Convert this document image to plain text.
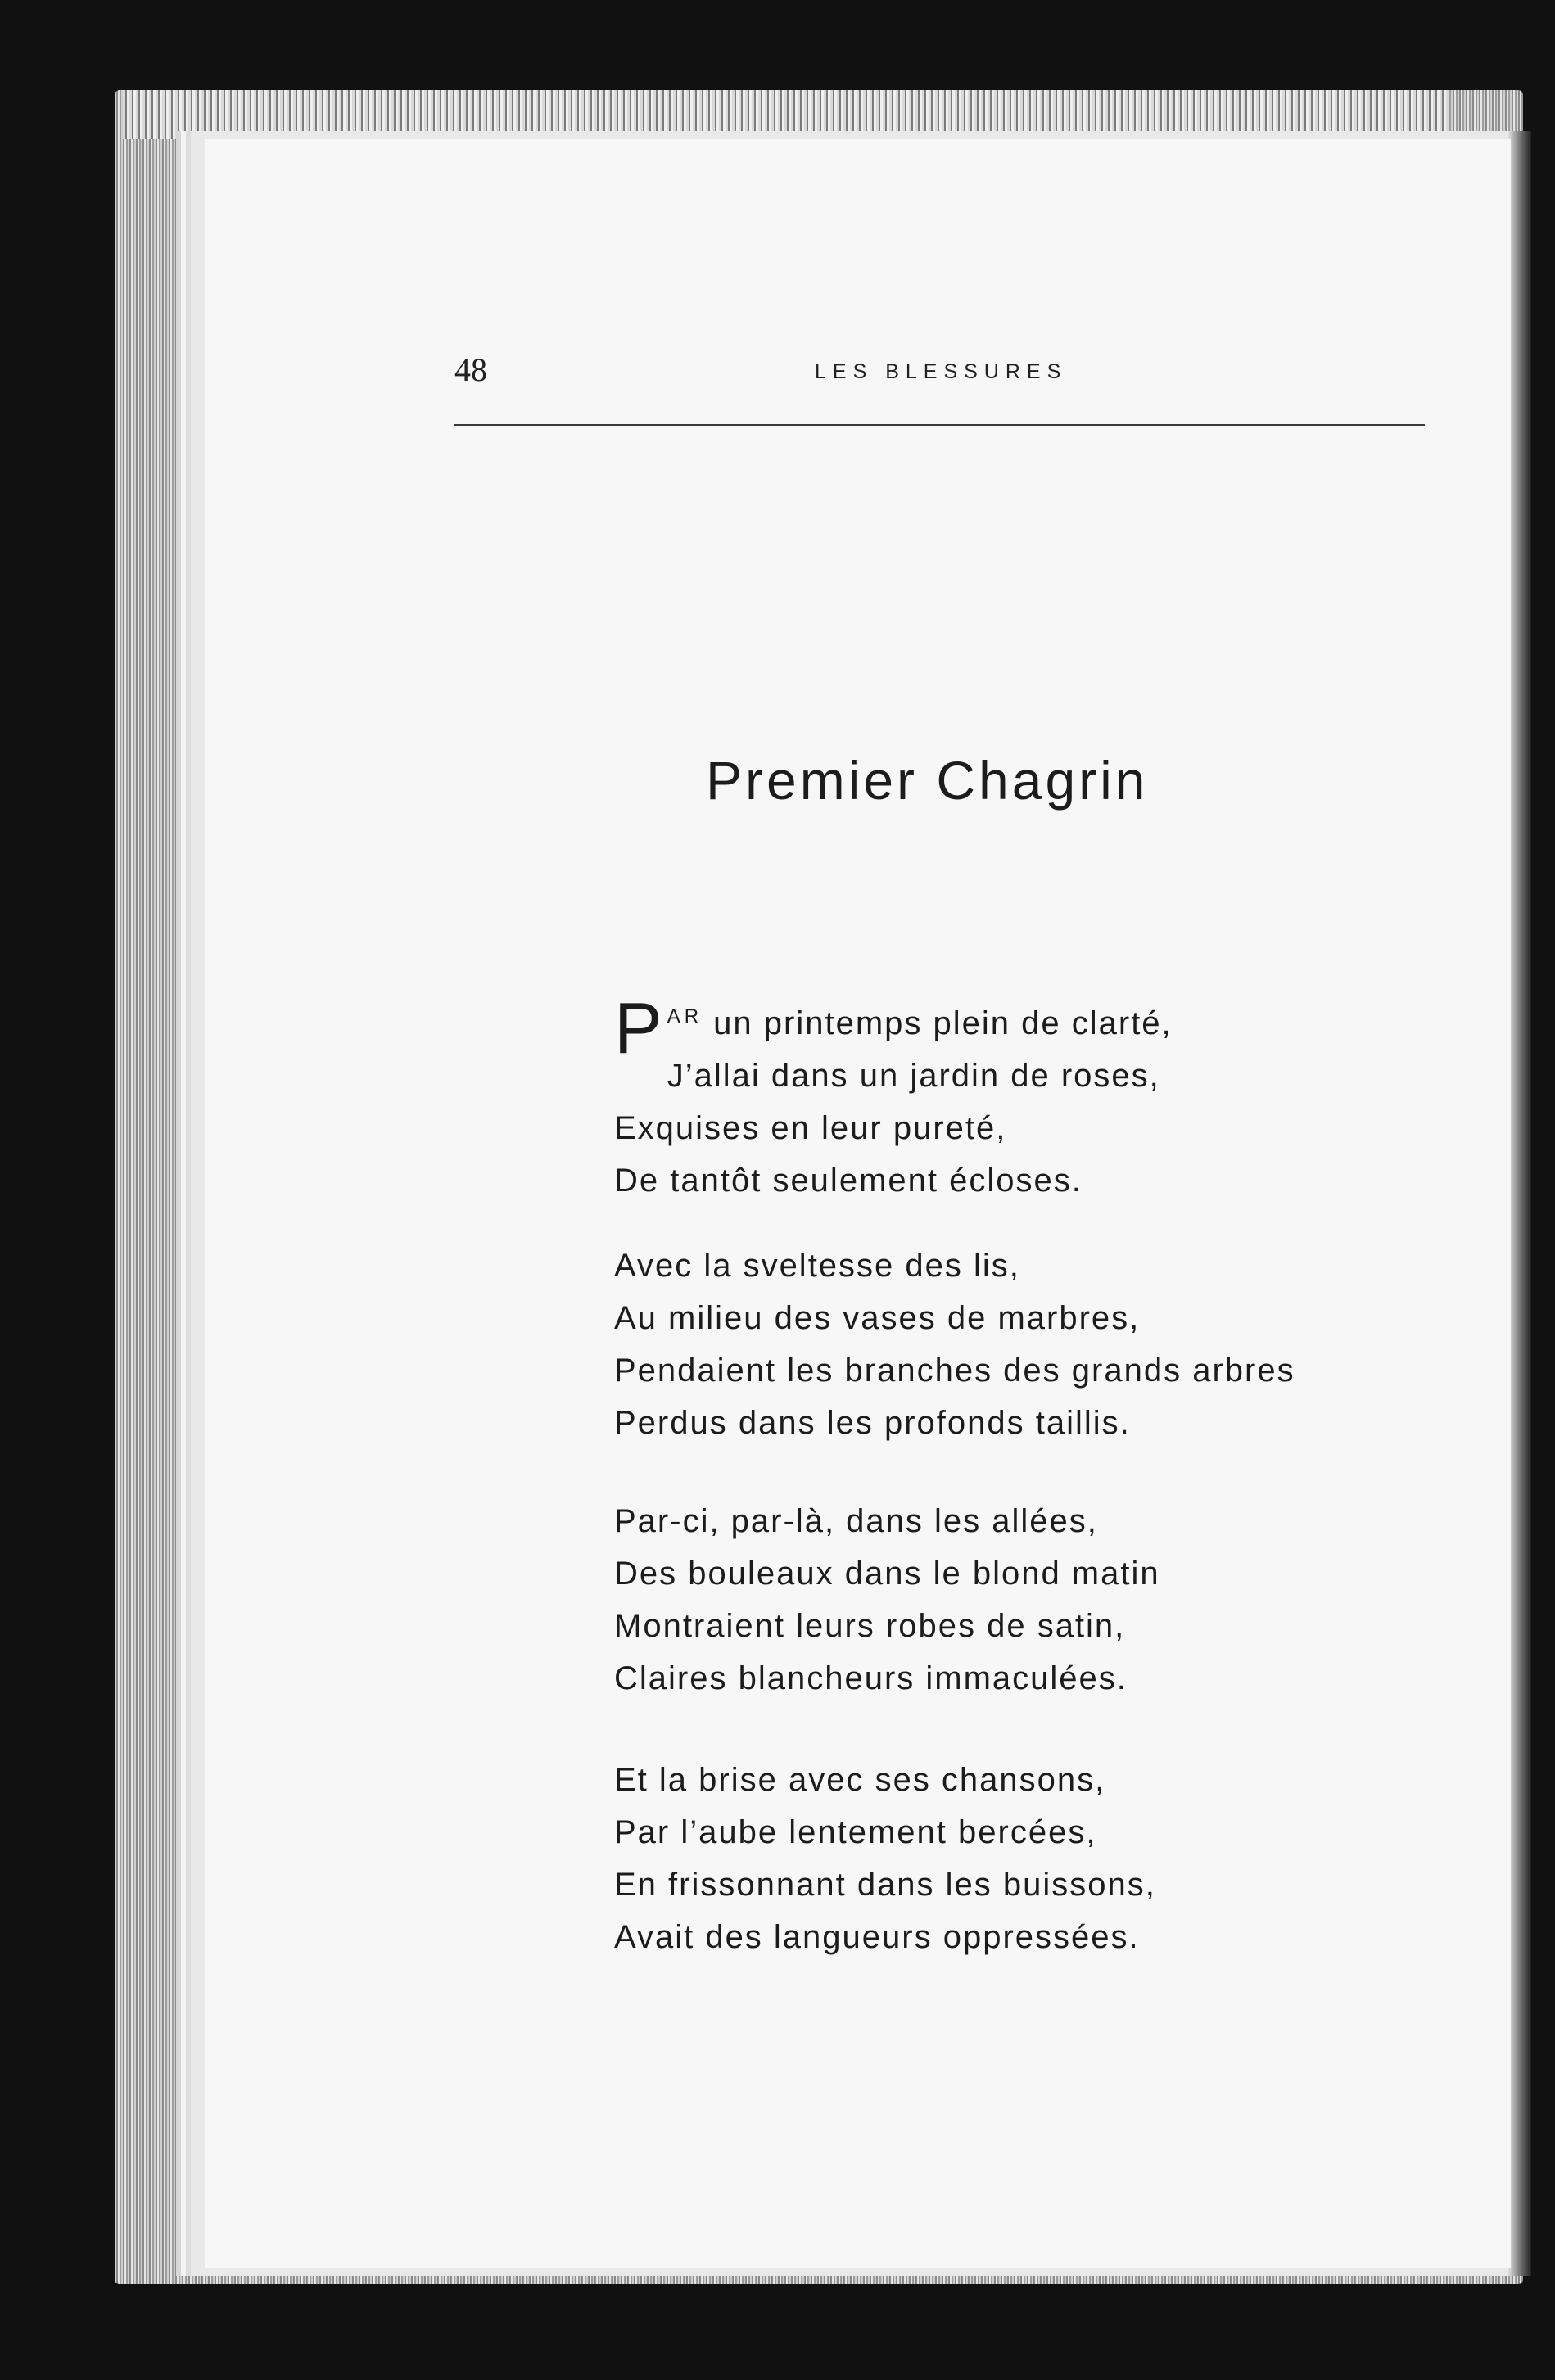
48	LES BLESSURES
Premier Chagrin
P $^{AR}$ un printemps plein de clarté,
J’allai dans un jardin de roses,
Exquises en leur pureté,
De tantôt seulement écloses.
Avec la sveltesse des lis,
Au milieu des vases de marbres,
Pendaient les branches des grands arbres
Perdus dans les profonds taillis.
Par-ci, par-là, dans les allées,
Des bouleaux dans le blond matin
Montraient leurs robes de satin,
Claires blancheurs immaculées.
Et la brise avec ses chansons,
Par l’aube lentement bercées,
En frissonnant dans les buissons,
Avait des langueurs oppressées.
